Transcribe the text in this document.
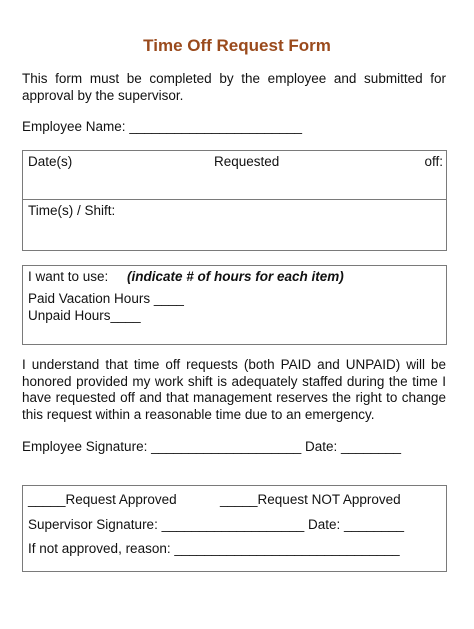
Time Off Request Form
This form must be completed by the employee and submitted for approval by the supervisor.
Employee Name: _______________________
Date(s)	Requested	off:
Time(s) / Shift:
I want to use: (indicate # of hours for each item)
Paid Vacation Hours ____
Unpaid Hours____
I understand that time off requests (both PAID and UNPAID) will be honored provided my work shift is adequately staffed during the time I have requested off and that management reserves the right to change this request within a reasonable time due to an emergency.
Employee Signature: ____________________ Date: ________
_____Request Approved	_____Request NOT Approved
Supervisor Signature: ___________________ Date: ________
If not approved, reason: ______________________________
